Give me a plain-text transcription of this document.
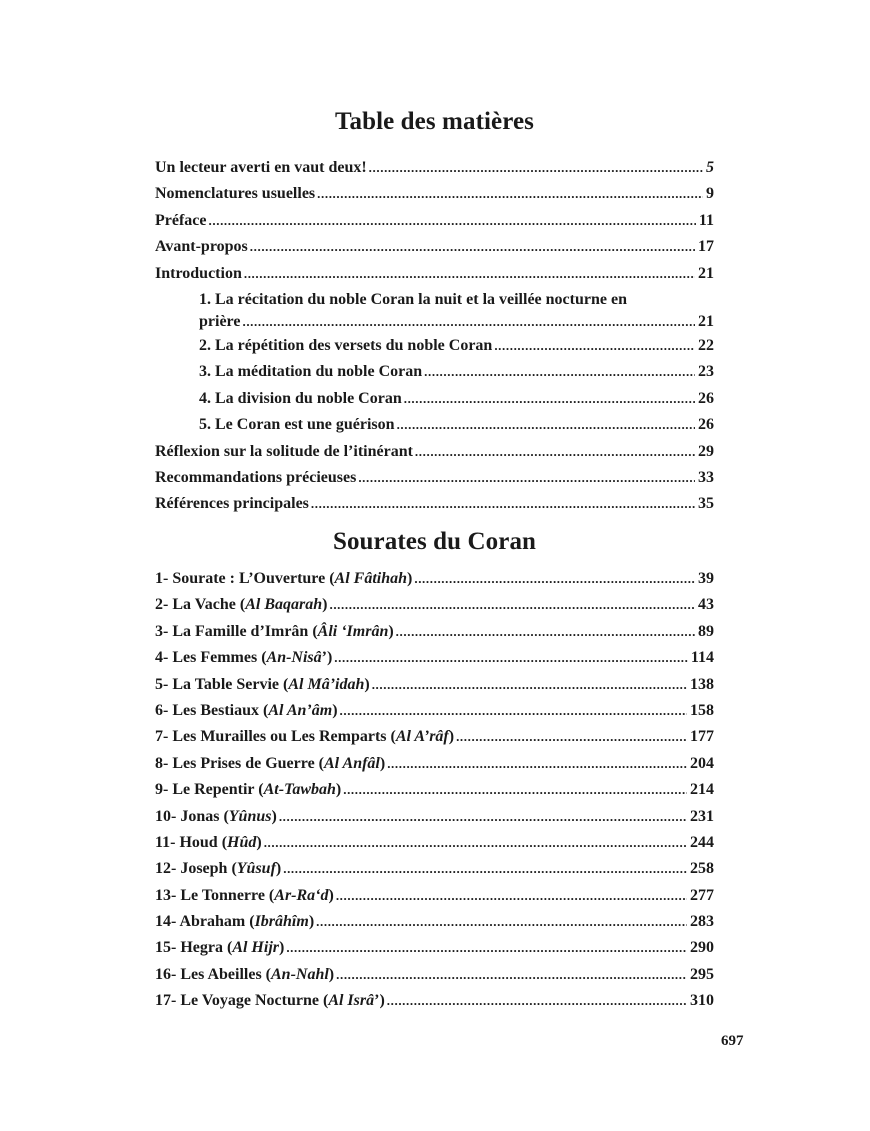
Table des matières
Un lecteur averti en vaut deux! .....	5
Nomenclatures usuelles .....	9
Préface .....	11
Avant-propos .....	17
Introduction .....	21
1. La récitation du noble Coran la nuit et la veillée nocturne en
prière .....	21
2. La répétition des versets du noble Coran .....	22
3. La méditation du noble Coran .....	23
4. La division du noble Coran .....	26
5. Le Coran est une guérison .....	26
Réflexion sur la solitude de l’itinérant .....	29
Recommandations précieuses .....	33
Références principales .....	35
Sourates du Coran
1- Sourate : L’Ouverture (Al Fâtihah) .....	39
2- La Vache (Al Baqarah) .....	43
3- La Famille d’Imrân (Âli ‘Imrân) .....	89
4- Les Femmes (An-Nisâ’) .....	114
5- La Table Servie (Al Mâ’idah) .....	138
6- Les Bestiaux (Al An’âm) .....	158
7- Les Murailles ou Les Remparts (Al A’râf) .....	177
8- Les Prises de Guerre (Al Anfâl) .....	204
9- Le Repentir (At-Tawbah) .....	214
10- Jonas (Yûnus) .....	231
11- Houd (Hûd) .....	244
12- Joseph (Yûsuf) .....	258
13- Le Tonnerre (Ar-Ra‘d) .....	277
14- Abraham (Ibrâhîm) .....	283
15- Hegra (Al Hijr) .....	290
16- Les Abeilles (An-Nahl) .....	295
17- Le Voyage Nocturne (Al Isrâ’) .....	310
697
